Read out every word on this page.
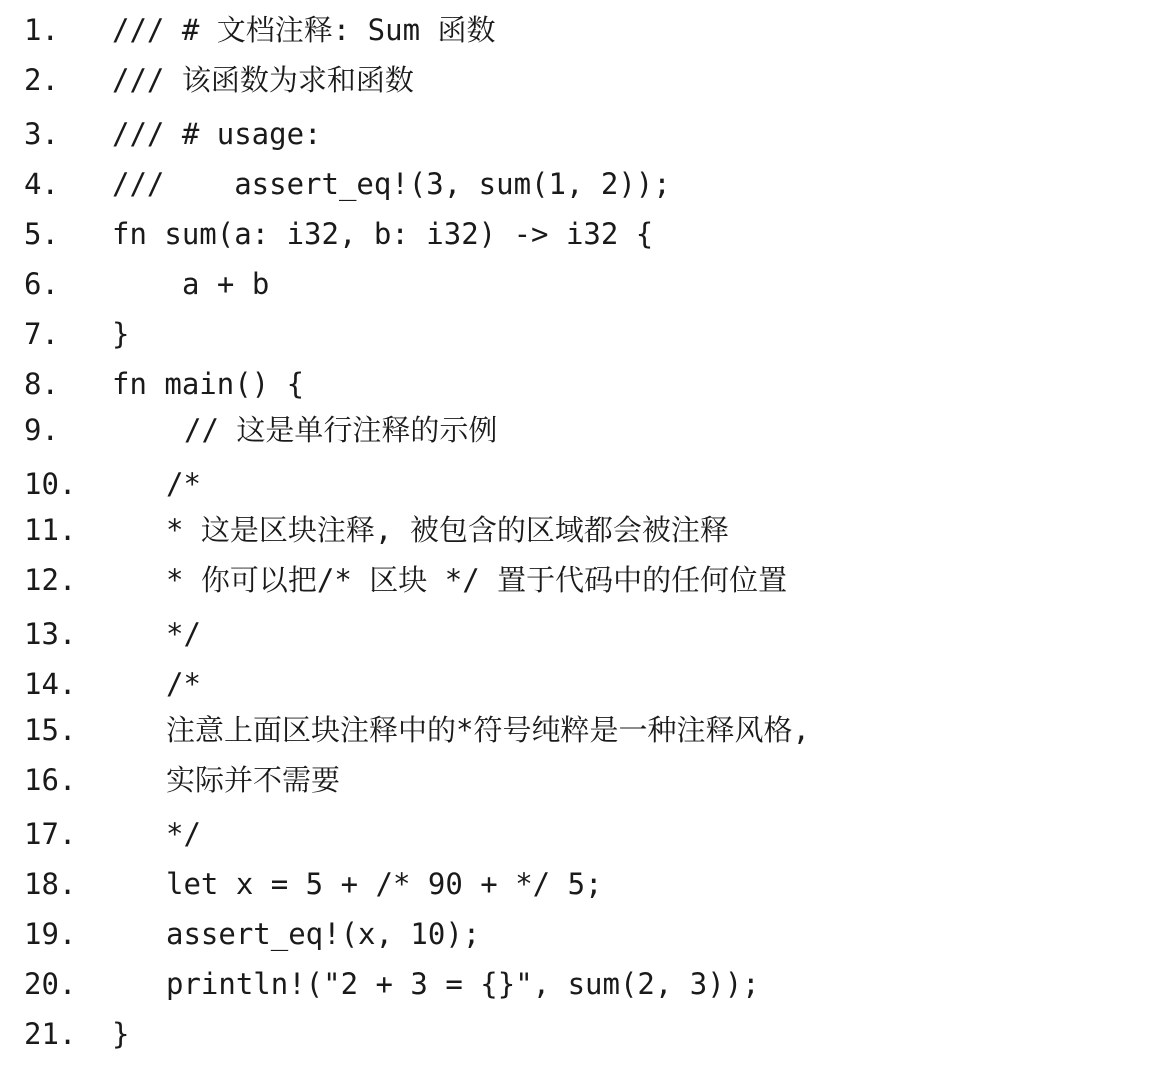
1. /// # 文档注释: Sum 函数
2. /// 该函数为求和函数
3. /// # usage:
4. ///    assert_eq!(3, sum(1, 2));
5. fn sum(a: i32, b: i32) -> i32 {
6.	a + b
7. }
8. fn main() {
9.	// 这是单行注释的示例
10.	/*
11.	* 这是区块注释, 被包含的区域都会被注释
12.	* 你可以把/* 区块 */ 置于代码中的任何位置
13.	*/
14.	/*
15.	注意上面区块注释中的*符号纯粹是一种注释风格,
16.	实际并不需要
17.	*/
18.	let x = 5 + /* 90 + */ 5;
19.	assert_eq!(x, 10);
20.	println!("2 + 3 = {}", sum(2, 3));
21. }
